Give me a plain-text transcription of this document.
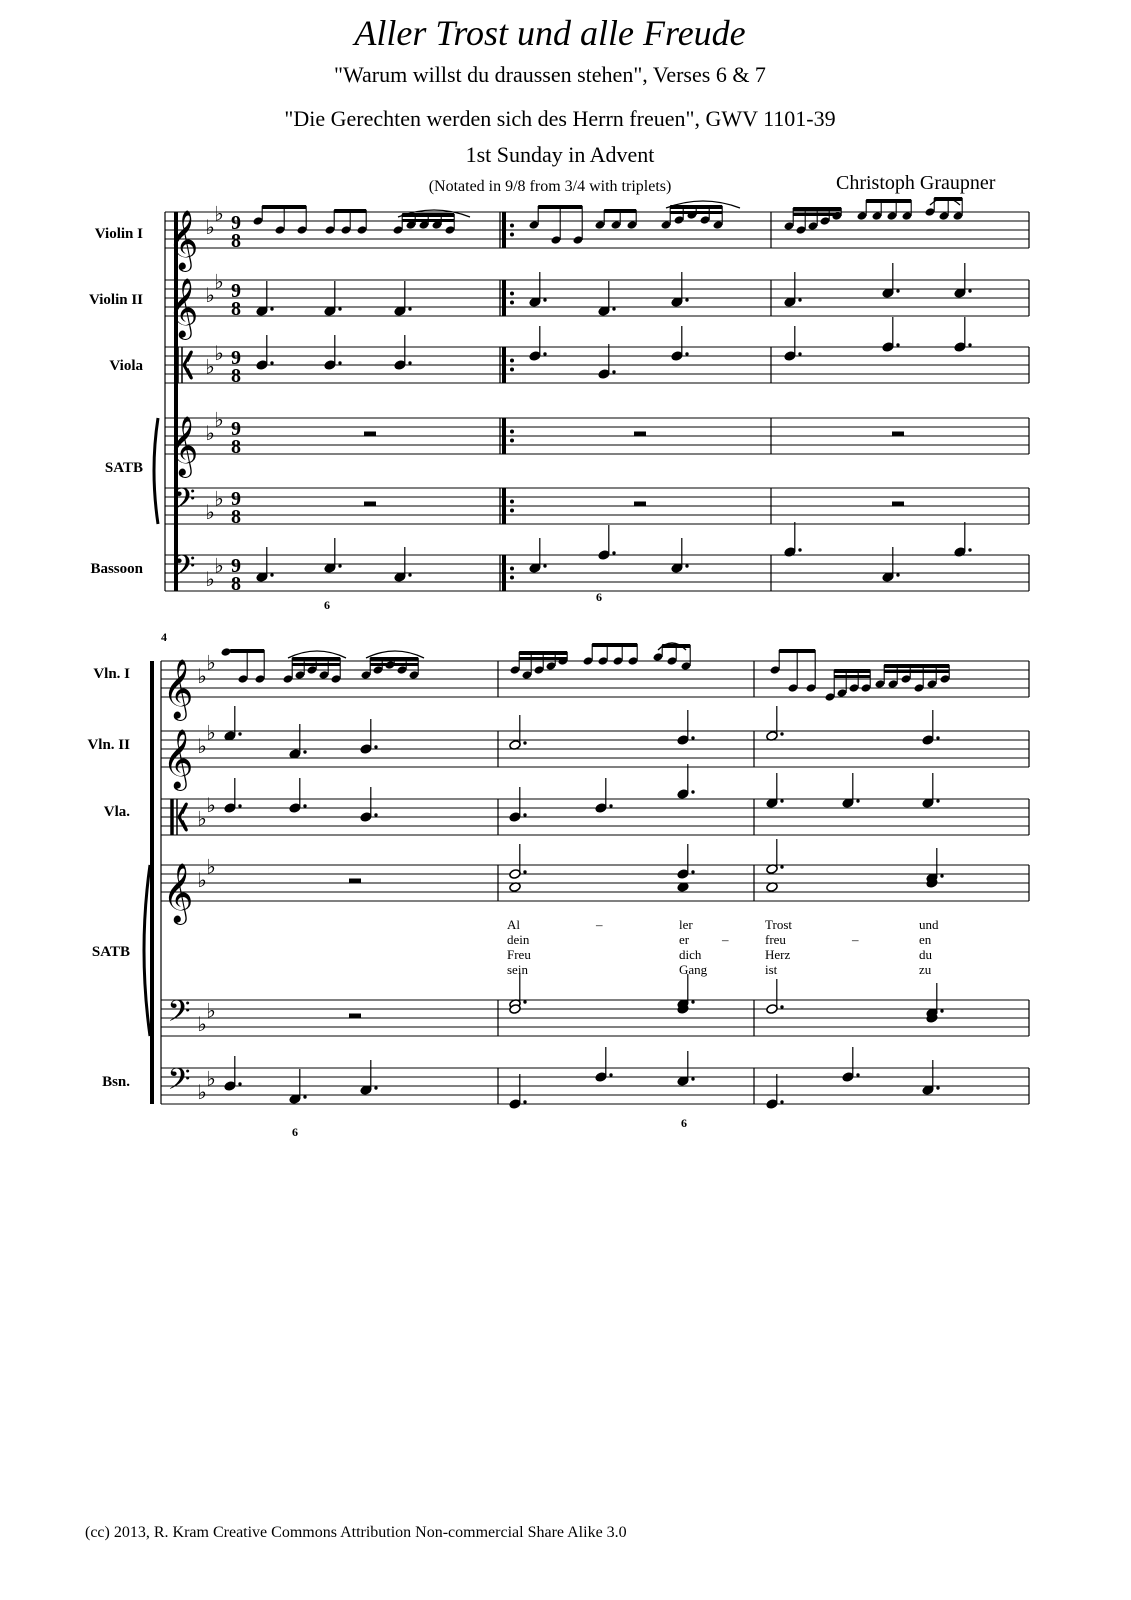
Aller Trost und alle Freude
"Warum willst du draussen stehen", Verses 6 & 7
"Die Gerechten werden sich des Herrn freuen", GWV 1101-39
1st Sunday in Advent
(Notated in 9/8 from 3/4 with triplets)	Christoph Graupner
Violin I
Violin II
Viola
SATB
Bassoon
Vln. I
Vln. II
Vla.
SATB
Bsn.
4
6
6
6
6
Al	–	ler	Trost	und
dein	er	–	freu	–	en
Freu	dich	Herz	du
sein	Gang	ist	zu
(cc) 2013, R. Kram Creative Commons Attribution Non-commercial Share Alike 3.0
𝄞 ♭
♭ 9
8
𝄞 ♭
♭ 9
8
♭
♭ 9
8
𝄞 ♭
♭ 9
8
𝄢 ♭
♭ 9
8
𝄢 ♭
♭ 9
8
𝄞 ♭
♭
𝄞 ♭
♭
♭
♭
𝄞 ♭
♭
𝄢 ♭
♭
𝄢 ♭
♭
